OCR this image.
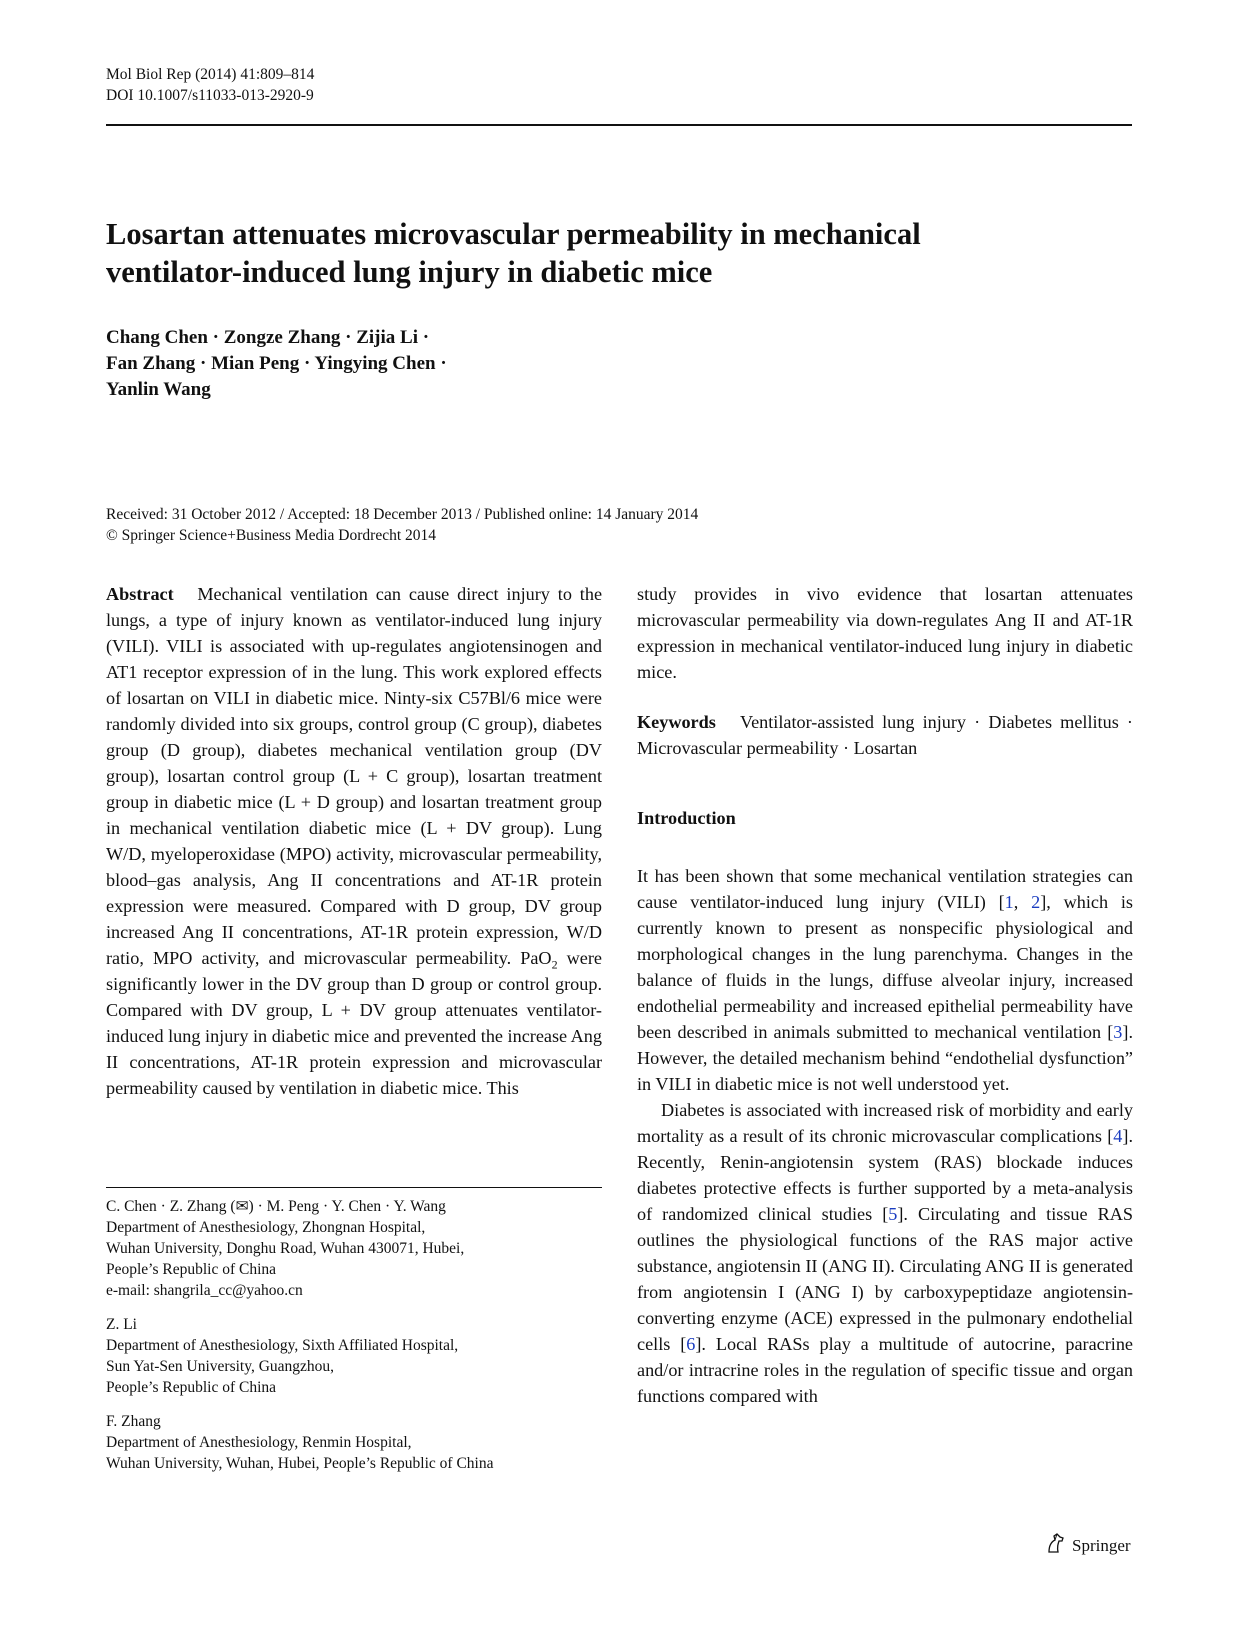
Mol Biol Rep (2014) 41:809–814
DOI 10.1007/s11033-013-2920-9
Losartan attenuates microvascular permeability in mechanical
ventilator-induced lung injury in diabetic mice
Chang Chen · Zongze Zhang · Zijia Li ·
Fan Zhang · Mian Peng · Yingying Chen ·
Yanlin Wang
Received: 31 October 2012 / Accepted: 18 December 2013 / Published online: 14 January 2014
© Springer Science+Business Media Dordrecht 2014

Abstract Mechanical ventilation can cause direct injury to the lungs, a type of injury known as ventilator-induced lung injury (VILI). VILI is associated with up-regulates angiotensinogen and AT1 receptor expression of in the lung. This work explored effects of losartan on VILI in diabetic mice. Ninty-six C57Bl/6 mice were randomly divided into six groups, control group (C group), diabetes group (D group), diabetes mechanical ventilation group (DV group), losartan control group (L + C group), losartan treatment group in diabetic mice (L + D group) and losartan treatment group in mechanical ventilation diabetic mice (L + DV group). Lung W/D, myeloperoxidase (MPO) activity, microvascular permeability, blood–gas analysis, Ang II concentrations and AT-1R protein expression were measured. Compared with D group, DV group increased Ang II concentrations, AT-1R protein expression, W/D ratio, MPO activity, and microvascular permeability. PaO$_2$ were significantly lower in the DV group than D group or control group. Compared with DV group, L + DV group attenuates ventilator-induced lung injury in diabetic mice and prevented the increase Ang II concentrations, AT-1R protein expression and microvascular permeability caused by ventilation in diabetic mice. This

C. Chen · Z. Zhang (✉) · M. Peng · Y. Chen · Y. Wang

Department of Anesthesiology, Zhongnan Hospital,

Wuhan University, Donghu Road, Wuhan 430071, Hubei,

People’s Republic of China

e-mail: shangrila_cc@yahoo.cn

Z. Li

Department of Anesthesiology, Sixth Affiliated Hospital,

Sun Yat-Sen University, Guangzhou,

People’s Republic of China

F. Zhang

Department of Anesthesiology, Renmin Hospital,

Wuhan University, Wuhan, Hubei, People’s Republic of China

study provides in vivo evidence that losartan attenuates microvascular permeability via down-regulates Ang II and AT-1R expression in mechanical ventilator-induced lung injury in diabetic mice.

Keywords Ventilator-assisted lung injury · Diabetes mellitus · Microvascular permeability · Losartan

Introduction

It has been shown that some mechanical ventilation strategies can cause ventilator-induced lung injury (VILI) [1, 2], which is currently known to present as nonspecific physiological and morphological changes in the lung parenchyma. Changes in the balance of fluids in the lungs, diffuse alveolar injury, increased endothelial permeability and increased epithelial permeability have been described in animals submitted to mechanical ventilation [3]. However, the detailed mechanism behind “endothelial dysfunction” in VILI in diabetic mice is not well understood yet.

Diabetes is associated with increased risk of morbidity and early mortality as a result of its chronic microvascular complications [4]. Recently, Renin-angiotensin system (RAS) blockade induces diabetes protective effects is further supported by a meta-analysis of randomized clinical studies [5]. Circulating and tissue RAS outlines the physiological functions of the RAS major active substance, angiotensin II (ANG II). Circulating ANG II is generated from angiotensin I (ANG I) by carboxypeptidaze angiotensin-converting enzyme (ACE) expressed in the pulmonary endothelial cells [6]. Local RASs play a multitude of autocrine, paracrine and/or intracrine roles in the regulation of specific tissue and organ functions compared with

Springer
